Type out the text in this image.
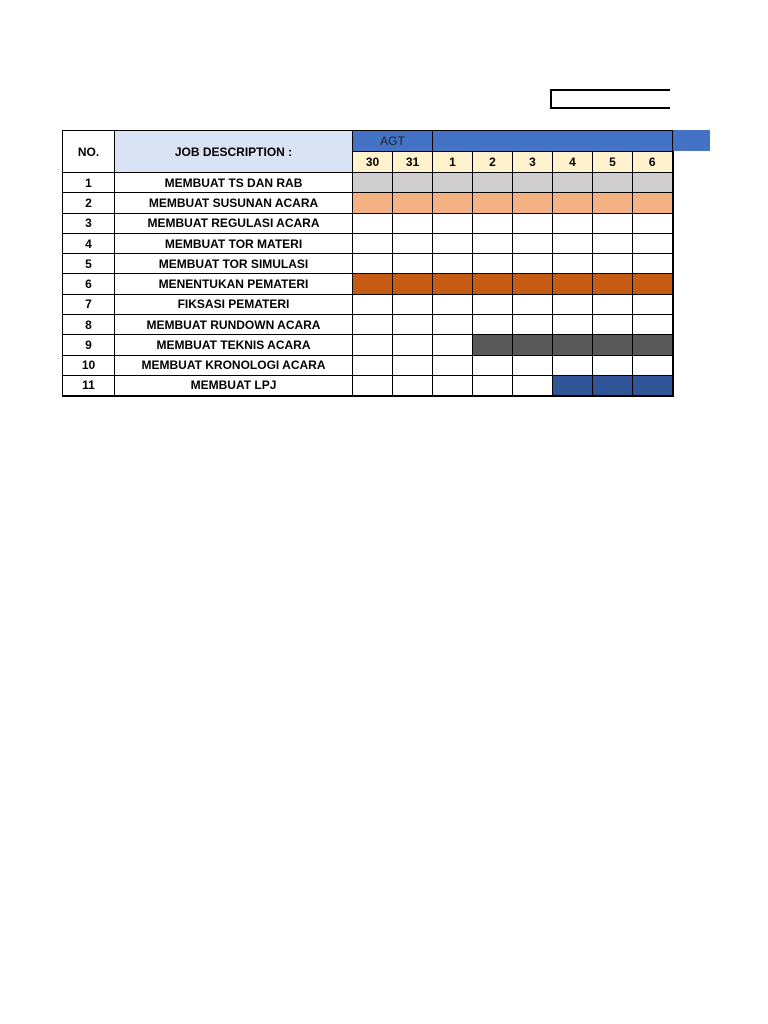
NO.	JOB DESCRIPTION :	AGT							
		30	31	1	2	3	4	5	6
1	MEMBUAT TS DAN RAB								
2	MEMBUAT SUSUNAN ACARA								
3	MEMBUAT REGULASI ACARA								
4	MEMBUAT TOR MATERI								
5	MEMBUAT TOR SIMULASI								
6	MENENTUKAN PEMATERI								
7	FIKSASI PEMATERI								
8	MEMBUAT RUNDOWN ACARA								
9	MEMBUAT TEKNIS ACARA								
10	MEMBUAT KRONOLOGI ACARA								
11	MEMBUAT LPJ								
